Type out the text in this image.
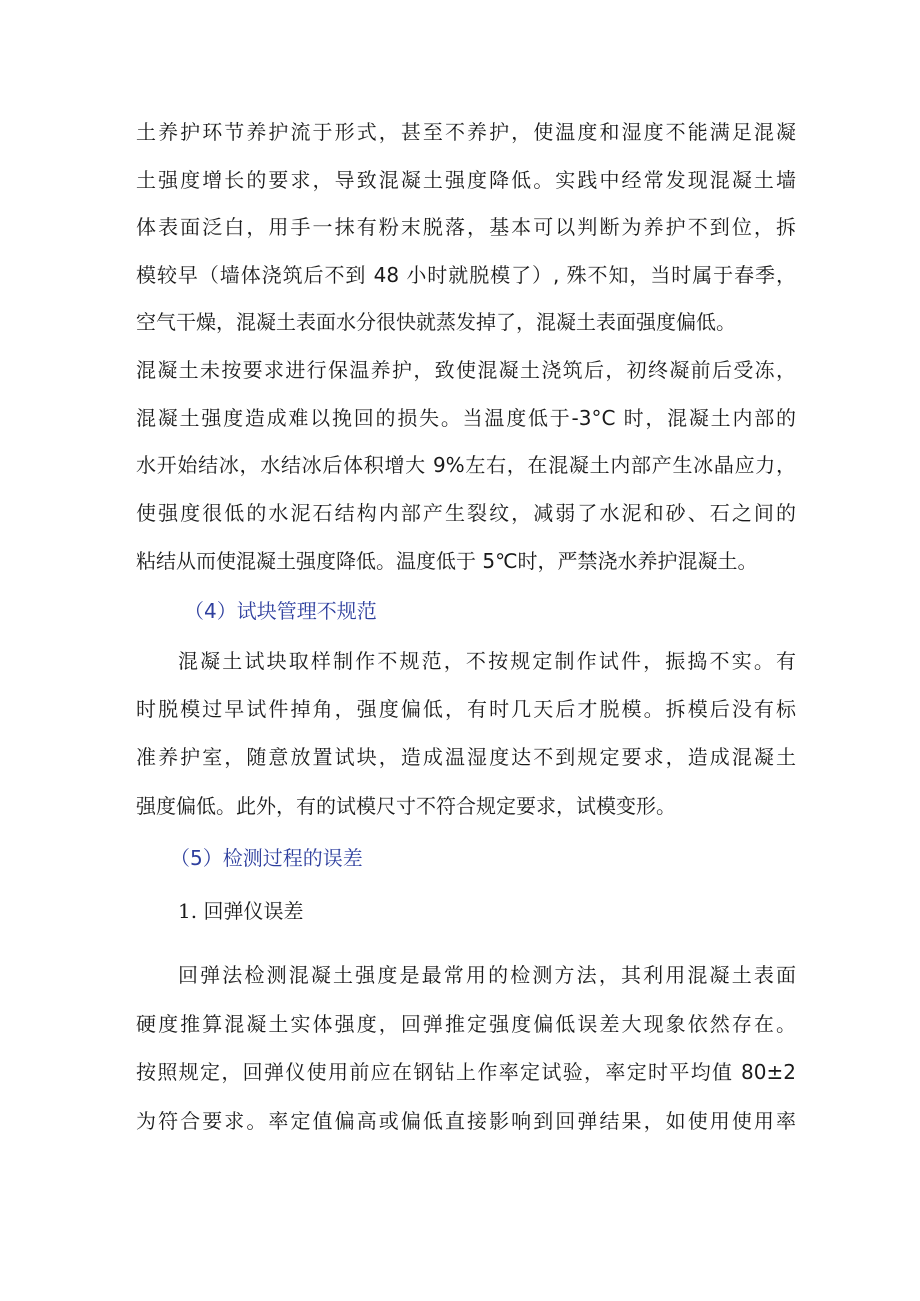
土养护环节养护流于形式，甚至不养护，使温度和湿度不能满足混凝
土强度增长的要求，导致混凝土强度降低。实践中经常发现混凝土墙
体表面泛白，用手一抹有粉末脱落，基本可以判断为养护不到位，拆
模较早（墙体浇筑后不到 48 小时就脱模了）, 殊不知，当时属于春季，
空气干燥，混凝土表面水分很快就蒸发掉了，混凝土表面强度偏低。
混凝土未按要求进行保温养护，致使混凝土浇筑后，初终凝前后受冻，
混凝土强度造成难以挽回的损失。当温度低于-3°C 时，混凝土内部的
水开始结冰，水结冰后体积增大 9%左右，在混凝土内部产生冰晶应力，
使强度很低的水泥石结构内部产生裂纹，减弱了水泥和砂、石之间的
粘结从而使混凝土强度降低。温度低于 5℃时，严禁浇水养护混凝土。
（4）试块管理不规范
混凝土试块取样制作不规范，不按规定制作试件，振捣不实。有
时脱模过早试件掉角，强度偏低，有时几天后才脱模。拆模后没有标
准养护室，随意放置试块，造成温湿度达不到规定要求，造成混凝土
强度偏低。此外，有的试模尺寸不符合规定要求，试模变形。
（5）检测过程的误差
1. 回弹仪误差
回弹法检测混凝土强度是最常用的检测方法，其利用混凝土表面
硬度推算混凝土实体强度，回弹推定强度偏低误差大现象依然存在。
按照规定，回弹仪使用前应在钢钻上作率定试验，率定时平均值 80±2
为符合要求。率定值偏高或偏低直接影响到回弹结果，如使用使用率
